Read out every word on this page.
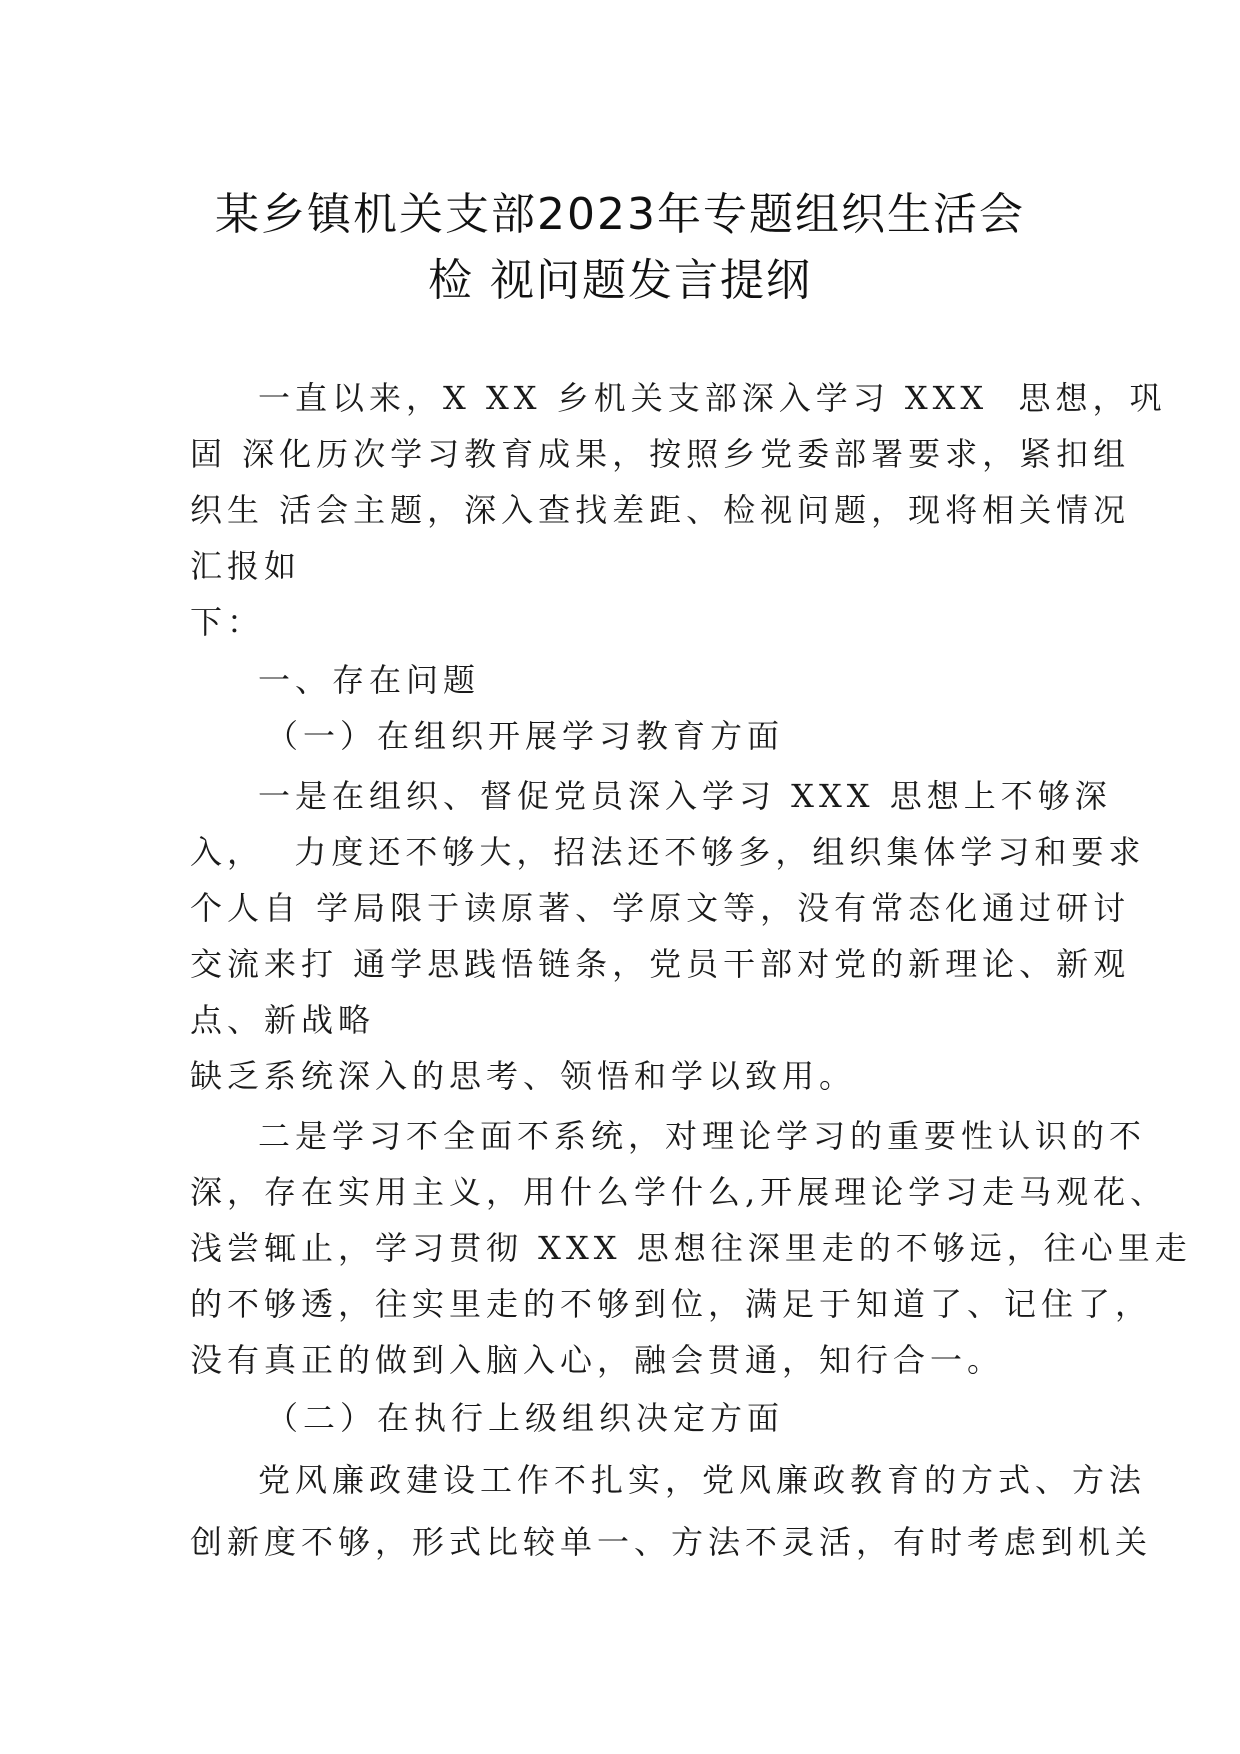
某乡镇机关支部2023年专题组织生活会
检 视问题发言提纲
一直以来，X XX 乡机关支部深入学习 XXX  思想，巩
固 深化历次学习教育成果，按照乡党委部署要求，紧扣组
织生 活会主题，深入查找差距、检视问题，现将相关情况
汇报如
下：
一、存在问题
（一）在组织开展学习教育方面
一是在组织、督促党员深入学习 XXX 思想上不够深
入，  力度还不够大，招法还不够多，组织集体学习和要求
个人自 学局限于读原著、学原文等，没有常态化通过研讨
交流来打 通学思践悟链条，党员干部对党的新理论、新观
点、新战略
缺乏系统深入的思考、领悟和学以致用。
二是学习不全面不系统，对理论学习的重要性认识的不
深，存在实用主义，用什么学什么,开展理论学习走马观花、
浅尝辄止，学习贯彻 XXX 思想往深里走的不够远，往心里走
的不够透，往实里走的不够到位，满足于知道了、记住了，
没有真正的做到入脑入心，融会贯通，知行合一。
（二）在执行上级组织决定方面
党风廉政建设工作不扎实，党风廉政教育的方式、方法
创新度不够，形式比较单一、方法不灵活，有时考虑到机关
